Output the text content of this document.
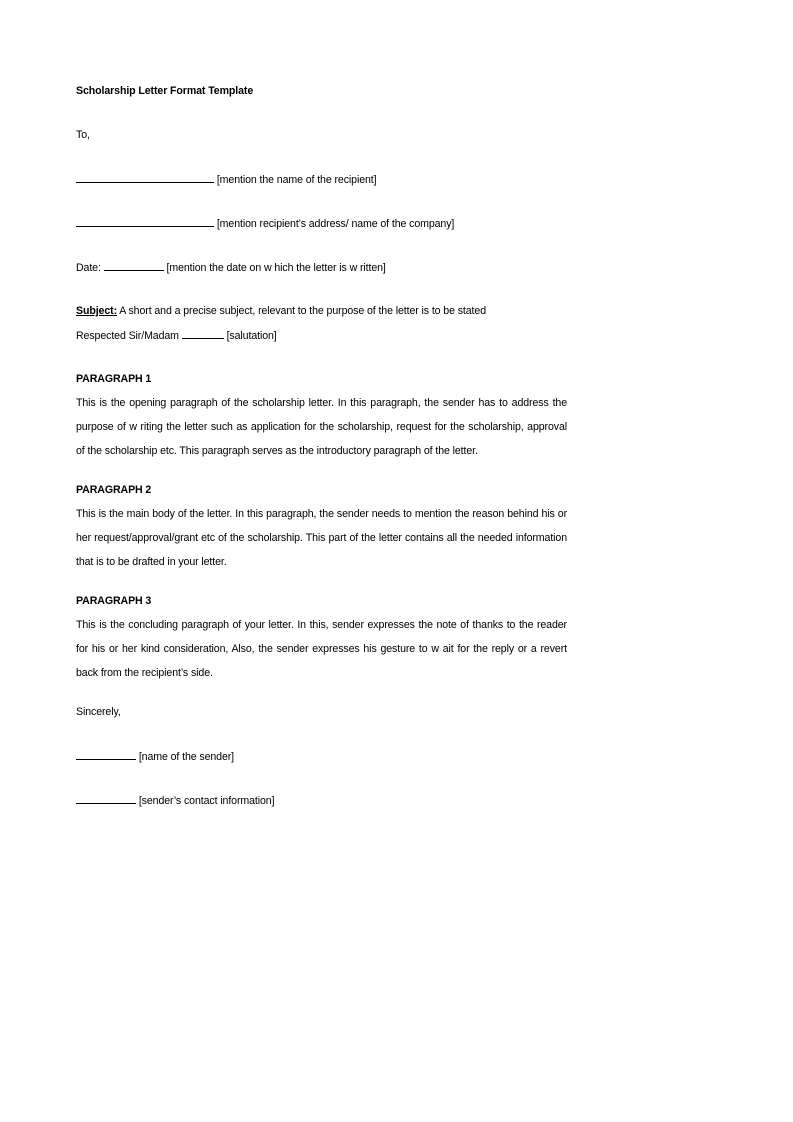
Scholarship Letter Format Template
To,
[mention the name of the recipient]
[mention recipient’s address/ name of the company]
Date:	[mention the date on w hich the letter is w ritten]
Subject: A short and a precise subject, relevant to the purpose of the letter is to be stated
Respected Sir/Madam	[salutation]
PARAGRAPH 1
This is the opening paragraph of the scholarship letter. In this paragraph, the sender has to address the purpose of w riting the letter such as application for the scholarship, request for the scholarship, approval of the scholarship etc. This paragraph serves as the introductory paragraph of the letter.
PARAGRAPH 2
This is the main body of the letter. In this paragraph, the sender needs to mention the reason behind his or her request/approval/grant etc of the scholarship. This part of the letter contains all the needed information that is to be drafted in your letter.
PARAGRAPH 3
This is the concluding paragraph of your letter. In this, sender expresses the note of thanks to the reader for his or her kind consideration, Also, the sender expresses his gesture to w ait for the reply or a revert back from the recipient’s side.
Sincerely,
[name of the sender]
[sender’s contact information]
